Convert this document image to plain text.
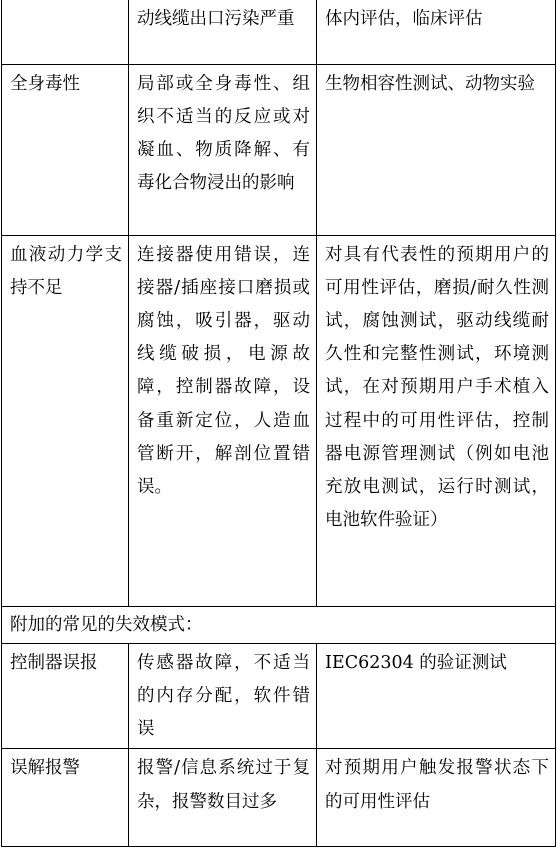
	动线缆出口污染严重	体内评估，临床评估
全身毒性	局部或全身毒性、组织不适当的反应或对凝血、物质降解、有毒化合物浸出的影响	生物相容性测试、动物实验
血液动力学支持不足	连接器使用错误，连接器/插座接口磨损或腐蚀，吸引器，驱动线缆破损，电源故障，控制器故障，设备重新定位，人造血管断开，解剖位置错误。	对具有代表性的预期用户的可用性评估，磨损/耐久性测试，腐蚀测试，驱动线缆耐久性和完整性测试，环境测试，在对预期用户手术植入过程中的可用性评估，控制器电源管理测试（例如电池充放电测试，运行时测试，电池软件验证）
附加的常见的失效模式：		
控制器误报	传感器故障，不适当的内存分配，软件错误	IEC62304 的验证测试
误解报警	报警/信息系统过于复杂，报警数目过多	对预期用户触发报警状态下的可用性评估
